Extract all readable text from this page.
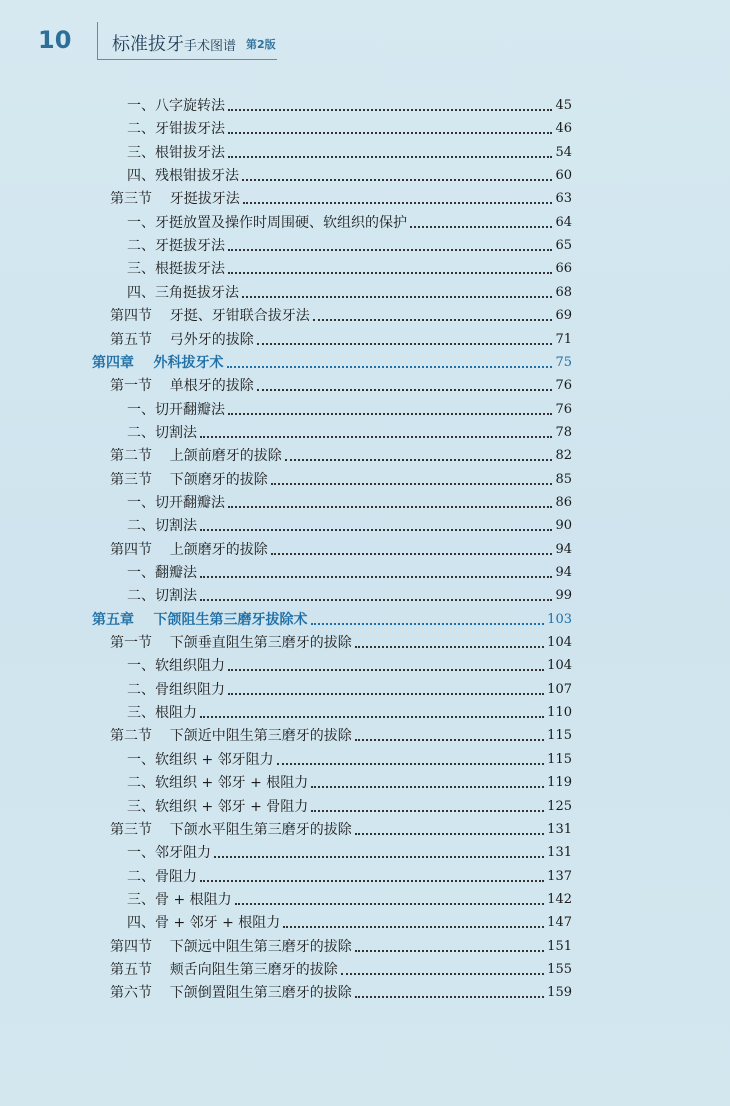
10 标准拔牙手术图谱 第2版
一、八字旋转法	45
二、牙钳拔牙法	46
三、根钳拔牙法	54
四、残根钳拔牙法	60
第三节    牙挺拔牙法	63
一、牙挺放置及操作时周围硬、软组织的保护	64
二、牙挺拔牙法	65
三、根挺拔牙法	66
四、三角挺拔牙法	68
第四节    牙挺、牙钳联合拔牙法	69
第五节    弓外牙的拔除	71
第四章    外科拔牙术	75
第一节    单根牙的拔除	76
一、切开翻瓣法	76
二、切割法	78
第二节    上颌前磨牙的拔除	82
第三节    下颌磨牙的拔除	85
一、切开翻瓣法	86
二、切割法	90
第四节    上颌磨牙的拔除	94
一、翻瓣法	94
二、切割法	99
第五章    下颌阻生第三磨牙拔除术	103
第一节    下颌垂直阻生第三磨牙的拔除	104
一、软组织阻力	104
二、骨组织阻力	107
三、根阻力	110
第二节    下颌近中阻生第三磨牙的拔除	115
一、软组织 + 邻牙阻力	115
二、软组织 + 邻牙 + 根阻力	119
三、软组织 + 邻牙 + 骨阻力	125
第三节    下颌水平阻生第三磨牙的拔除	131
一、邻牙阻力	131
二、骨阻力	137
三、骨 + 根阻力	142
四、骨 + 邻牙 + 根阻力	147
第四节    下颌远中阻生第三磨牙的拔除	151
第五节    颊舌向阻生第三磨牙的拔除	155
第六节    下颌倒置阻生第三磨牙的拔除	159
